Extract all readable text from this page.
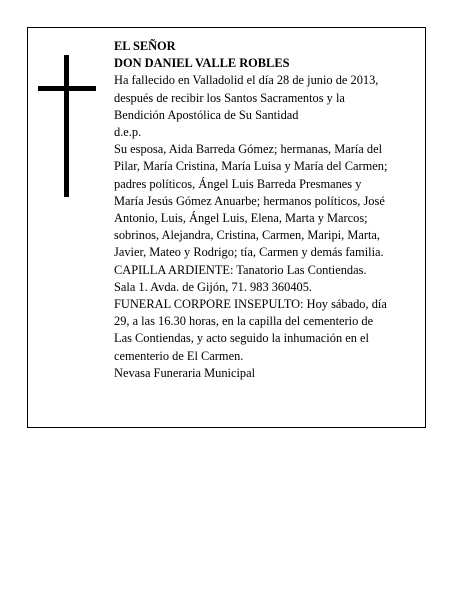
EL SEÑOR
DON DANIEL VALLE ROBLES
Ha fallecido en Valladolid el día 28 de junio de 2013,
después de recibir los Santos Sacramentos y la
Bendición Apostólica de Su Santidad
d.e.p.
Su esposa, Aida Barreda Gómez; hermanas, María del
Pilar, María Cristina, María Luisa y María del Carmen;
padres políticos, Ángel Luis Barreda Presmanes y
María Jesús Gómez Anuarbe; hermanos políticos, José
Antonio, Luis, Ángel Luis, Elena, Marta y Marcos;
sobrinos, Alejandra, Cristina, Carmen, Maripi, Marta,
Javier, Mateo y Rodrigo; tía, Carmen y demás familia.
CAPILLA ARDIENTE: Tanatorio Las Contiendas.
Sala 1. Avda. de Gijón, 71. 983 360405.
FUNERAL CORPORE INSEPULTO: Hoy sábado, día
29, a las 16.30 horas, en la capilla del cementerio de
Las Contiendas, y acto seguido la inhumación en el
cementerio de El Carmen.
Nevasa Funeraria Municipal
